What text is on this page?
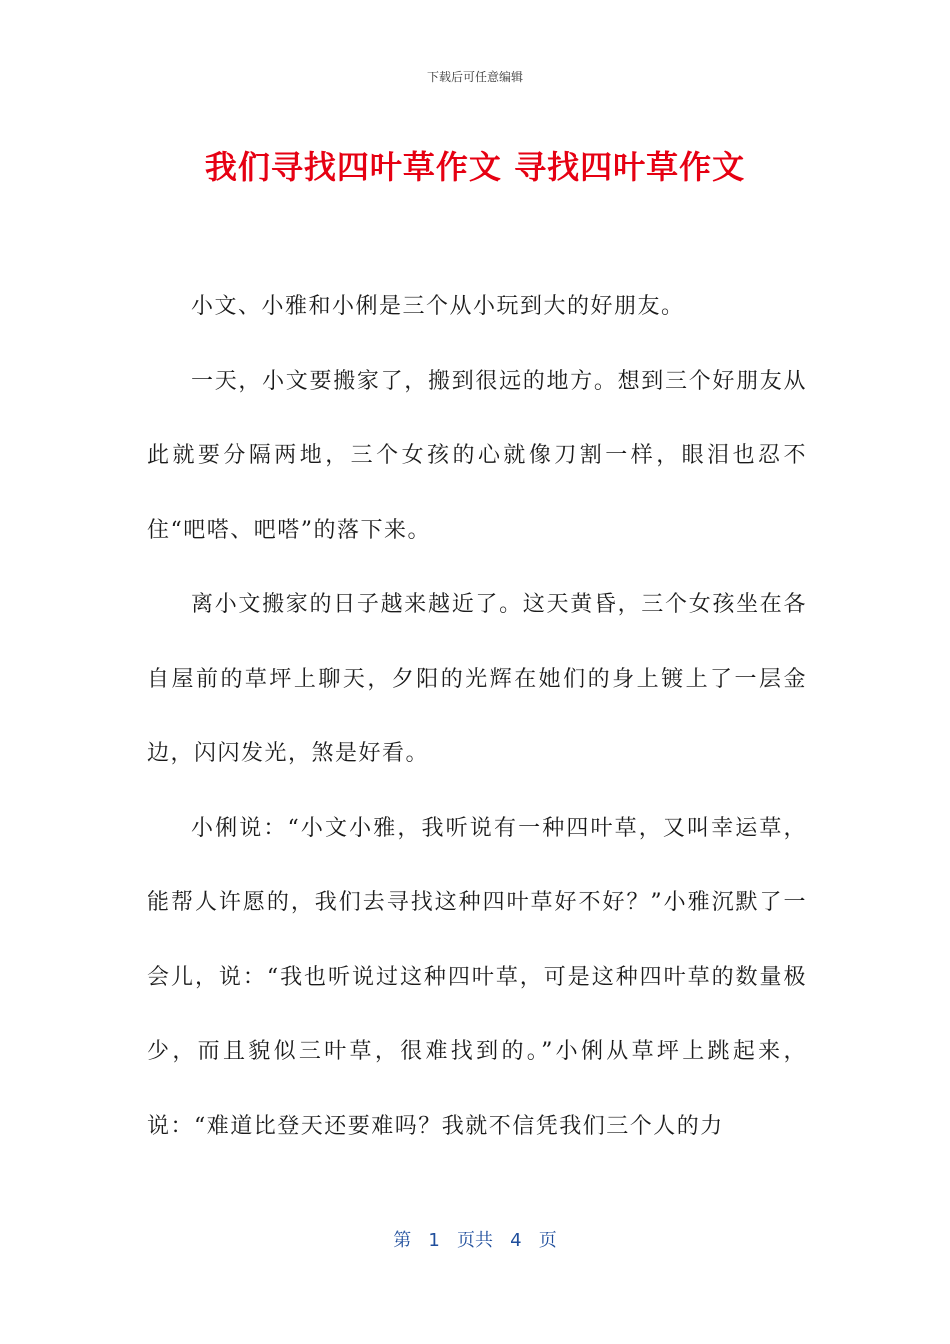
下载后可任意编辑
我们寻找四叶草作文 寻找四叶草作文

小文、小雅和小俐是三个从小玩到大的好朋友。

一天，小文要搬家了，搬到很远的地方。想到三个好朋友从此就要分隔两地，三个女孩的心就像刀割一样，眼泪也忍不住“吧嗒、吧嗒”的落下来。

离小文搬家的日子越来越近了。这天黄昏，三个女孩坐在各自屋前的草坪上聊天，夕阳的光辉在她们的身上镀上了一层金边，闪闪发光，煞是好看。

小俐说：“小文小雅，我听说有一种四叶草，又叫幸运草，能帮人许愿的，我们去寻找这种四叶草好不好？”小雅沉默了一会儿，说：“我也听说过这种四叶草，可是这种四叶草的数量极少，而且貌似三叶草，很难找到的。”小俐从草坪上跳起来，说：“难道比登天还要难吗？我就不信凭我们三个人的力

第 1 页共 4 页
